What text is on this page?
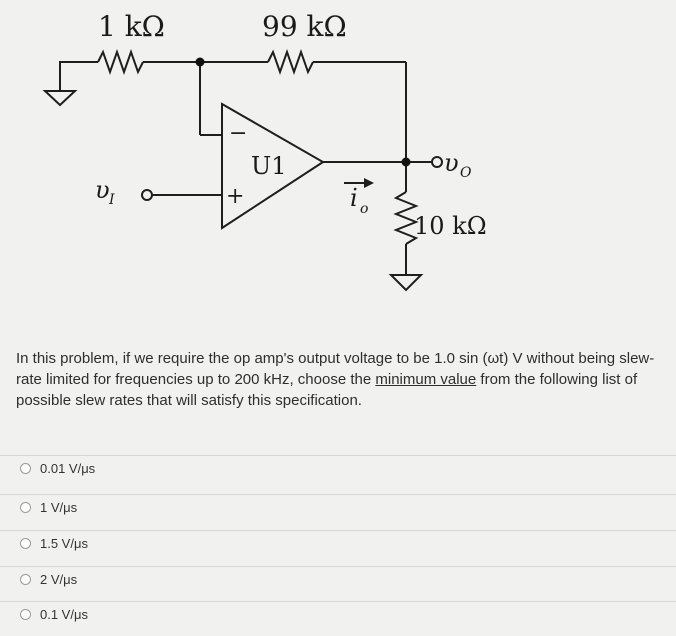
1 kΩ	99 kΩ
U1
−
+
10 kΩ
υ I
υ O
i o
In this problem, if we require the op amp's output voltage to be 1.0 sin (ωt) V without being slew-rate limited for frequencies up to 200 kHz, choose the minimum value from the following list of possible slew rates that will satisfy this specification.
0.01 V/μs
1 V/μs
1.5 V/μs
2 V/μs
0.1 V/μs
